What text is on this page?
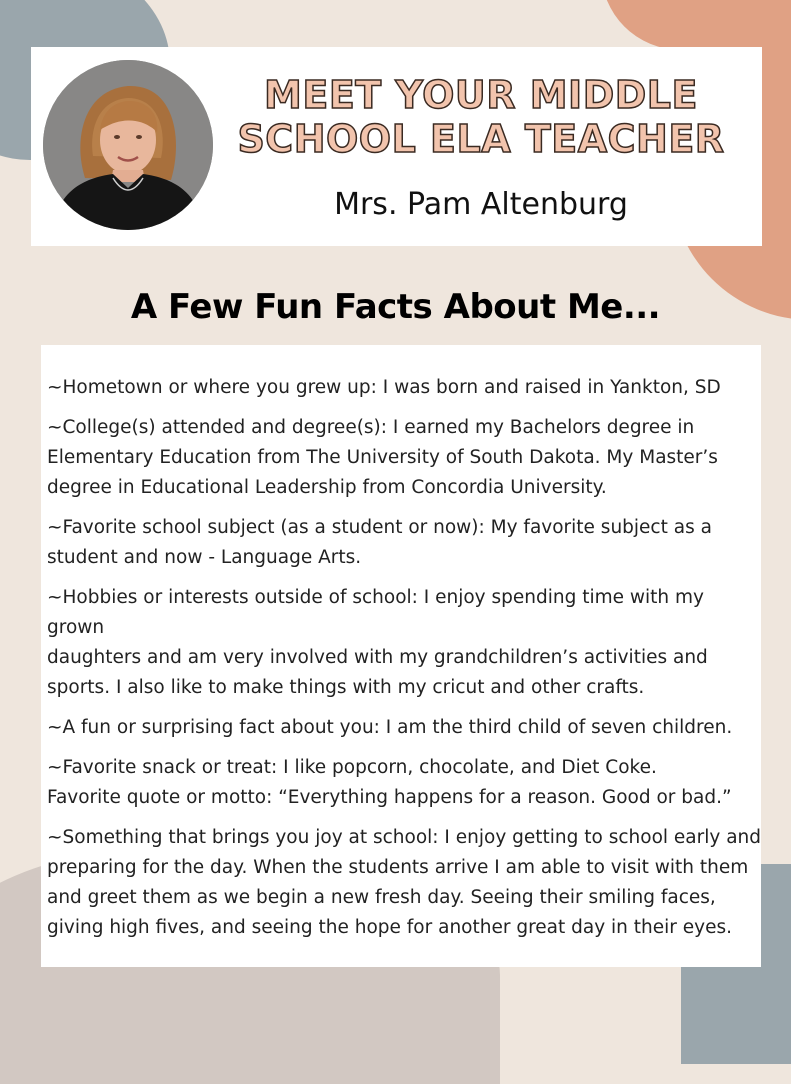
MEET YOUR MIDDLE SCHOOL ELA TEACHER
Mrs. Pam Altenburg
A Few Fun Facts About Me...
~Hometown or where you grew up: I was born and raised in Yankton, SD
~College(s) attended and degree(s): I earned my Bachelors degree in
Elementary Education from The University of South Dakota. My Master’s
degree in Educational Leadership from Concordia University.
~Favorite school subject (as a student or now): My favorite subject as a
student and now - Language Arts.
~Hobbies or interests outside of school: I enjoy spending time with my grown
daughters and am very involved with my grandchildren’s activities and
sports. I also like to make things with my cricut and other crafts.
~A fun or surprising fact about you: I am the third child of seven children.
~Favorite snack or treat: I like popcorn, chocolate, and Diet Coke.
Favorite quote or motto: “Everything happens for a reason. Good or bad.”
~Something that brings you joy at school: I enjoy getting to school early and
preparing for the day. When the students arrive I am able to visit with them
and greet them as we begin a new fresh day. Seeing their smiling faces,
giving high fives, and seeing the hope for another great day in their eyes.
